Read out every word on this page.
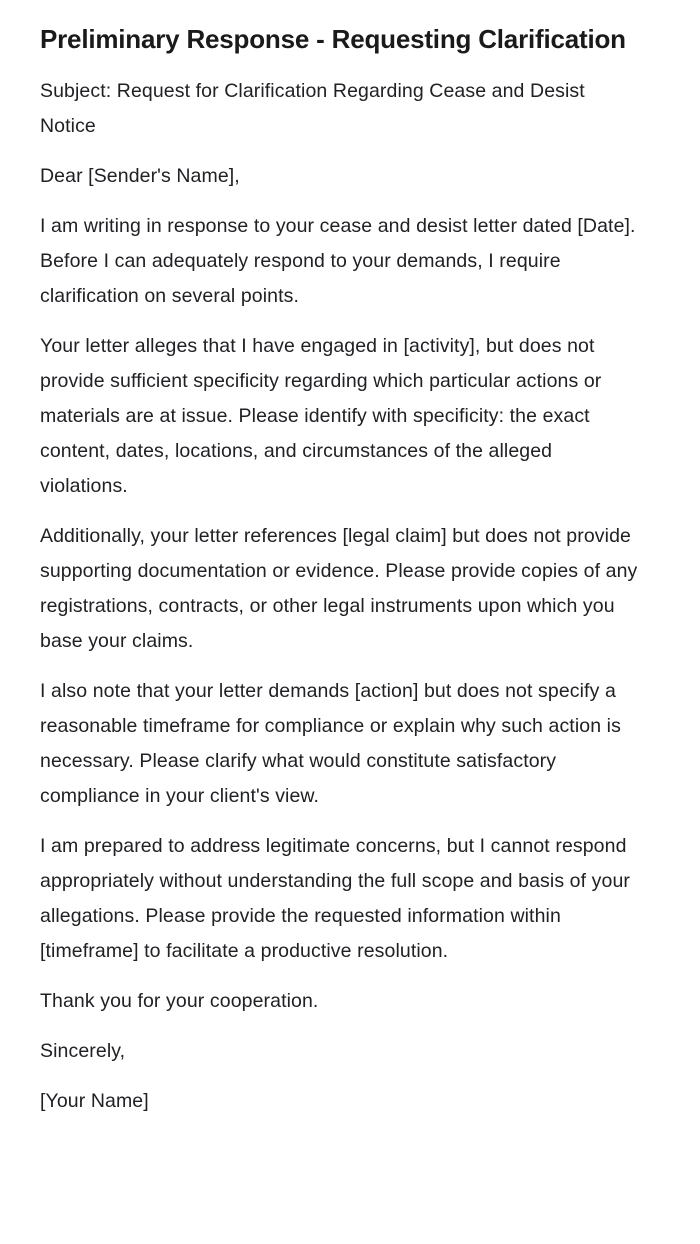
Preliminary Response - Requesting Clarification

Subject: Request for Clarification Regarding Cease and Desist Notice

Dear [Sender's Name],

I am writing in response to your cease and desist letter dated [Date]. Before I can adequately respond to your demands, I require clarification on several points.

Your letter alleges that I have engaged in [activity], but does not provide sufficient specificity regarding which particular actions or materials are at issue. Please identify with specificity: the exact content, dates, locations, and circumstances of the alleged violations.

Additionally, your letter references [legal claim] but does not provide supporting documentation or evidence. Please provide copies of any registrations, contracts, or other legal instruments upon which you base your claims.

I also note that your letter demands [action] but does not specify a reasonable timeframe for compliance or explain why such action is necessary. Please clarify what would constitute satisfactory compliance in your client's view.

I am prepared to address legitimate concerns, but I cannot respond appropriately without understanding the full scope and basis of your allegations. Please provide the requested information within [timeframe] to facilitate a productive resolution.

Thank you for your cooperation.

Sincerely,

[Your Name]
